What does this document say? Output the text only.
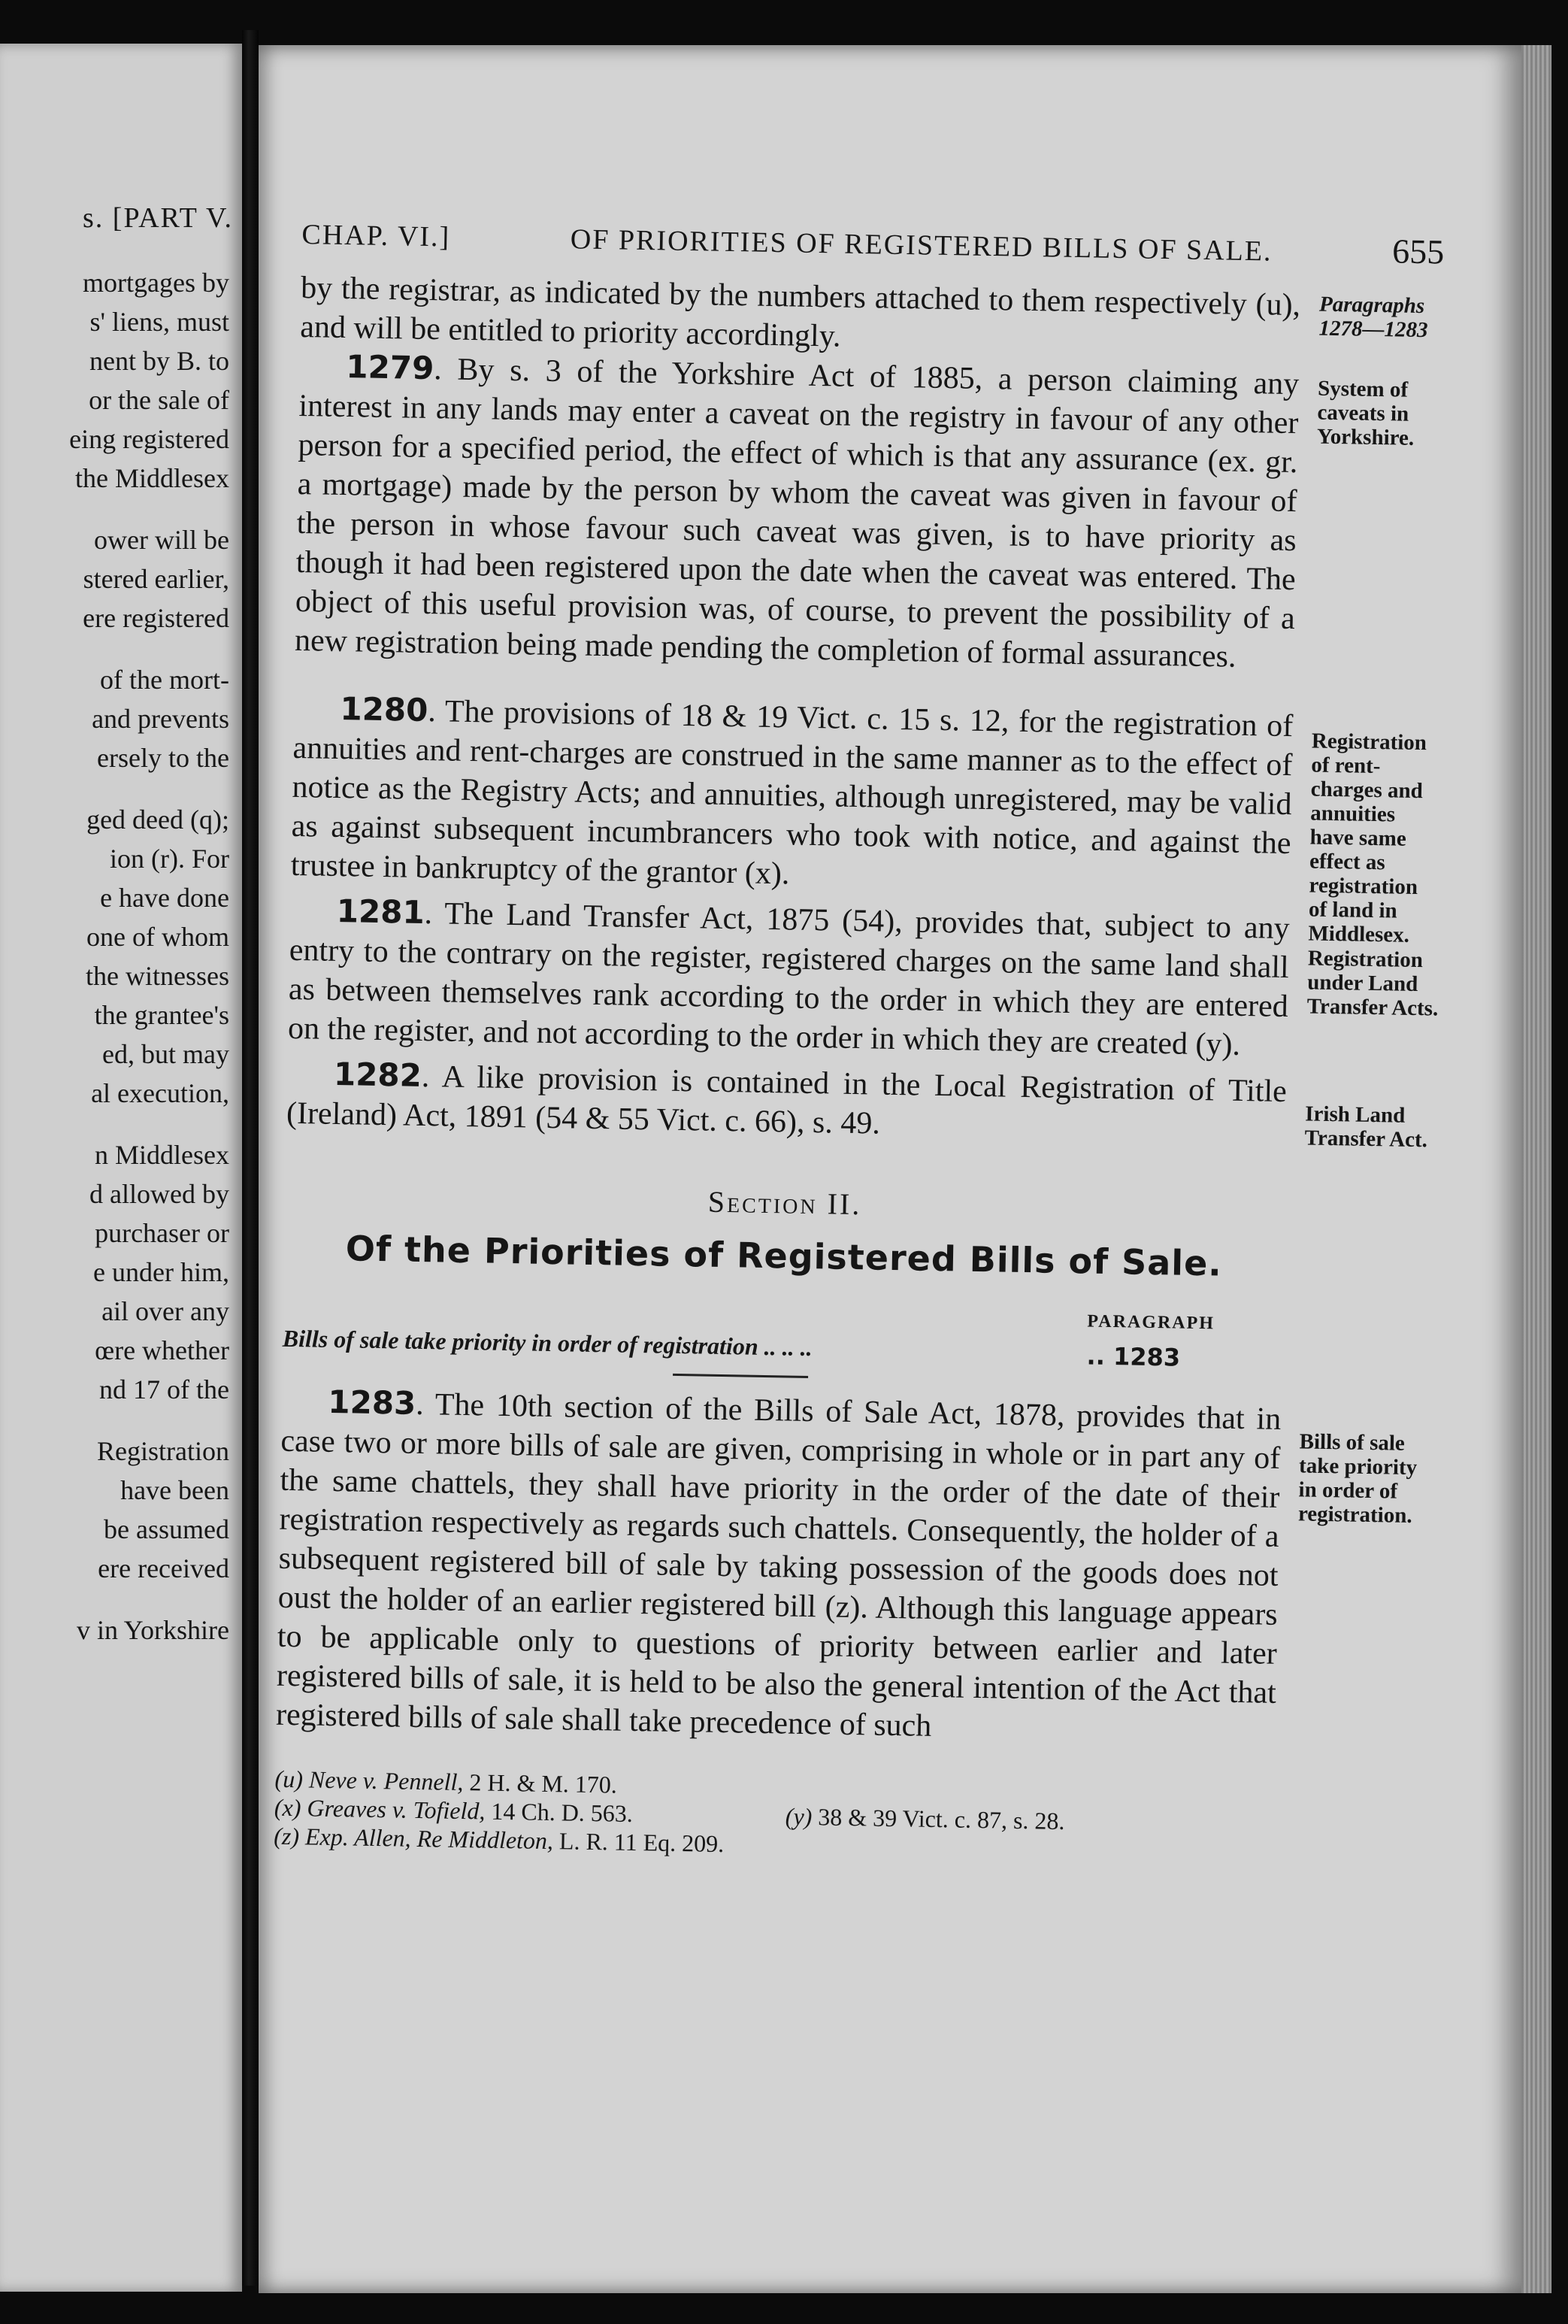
s. [PART V.
mortgages by
s' liens, must
nent by B. to
or the sale of
eing registered
the Middlesex
ower will be
stered earlier,
ere registered
of the mort-
and prevents
ersely to the
ged deed (q);
ion (r). For
e have done
one of whom
the witnesses
the grantee's
ed, but may
al execution,
n Middlesex
d allowed by
purchaser or
e under him,
ail over any
œre whether
nd 17 of the
Registration
have been
be assumed
ere received
v in Yorkshire
CHAP. VI.]	OF PRIORITIES OF REGISTERED BILLS OF SALE.	655

by the registrar, as indicated by the numbers attached to them respectively (u), and will be entitled to priority accordingly.

Paragraphs
1278—1283

1279. By s. 3 of the Yorkshire Act of 1885, a person claiming any interest in any lands may enter a caveat on the registry in favour of any other person for a specified period, the effect of which is that any assurance (ex. gr. a mortgage) made by the person by whom the caveat was given in favour of the person in whose favour such caveat was given, is to have priority as though it had been registered upon the date when the caveat was entered. The object of this useful provision was, of course, to prevent the possibility of a new registration being made pending the completion of formal assurances.

System of
caveats in
Yorkshire.

1280. The provisions of 18 & 19 Vict. c. 15 s. 12, for the registration of annuities and rent-charges are construed in the same manner as to the effect of notice as the Registry Acts; and annuities, although unregistered, may be valid as against subsequent incumbrancers who took with notice, and against the trustee in bankruptcy of the grantor (x).

Registration
of rent-
charges and
annuities
have same
effect as
registration
of land in
Middlesex.

1281. The Land Transfer Act, 1875 (54), provides that, subject to any entry to the contrary on the register, registered charges on the same land shall as between themselves rank according to the order in which they are entered on the register, and not according to the order in which they are created (y).

Registration
under Land
Transfer Acts.

1282. A like provision is contained in the Local Registration of Title (Ireland) Act, 1891 (54 & 55 Vict. c. 66), s. 49.	Irish Land
Transfer Act.
Section II.
Of the Priorities of Registered Bills of Sale.
PARAGRAPH
Bills of sale take priority in order of registration .. .. ..	.. 1283

1283. The 10th section of the Bills of Sale Act, 1878, provides that in case two or more bills of sale are given, comprising in whole or in part any of the same chattels, they shall have priority in the order of the date of their registration respectively as regards such chattels. Consequently, the holder of a subsequent registered bill of sale by taking possession of the goods does not oust the holder of an earlier registered bill (z). Although this language appears to be applicable only to questions of priority between earlier and later registered bills of sale, it is held to be also the general intention of the Act that registered bills of sale shall take precedence of such

Bills of sale
take priority
in order of
registration.
(u) Neve v. Pennell, 2 H. & M. 170.
(x) Greaves v. Tofield, 14 Ch. D. 563.	(y) 38 & 39 Vict. c. 87, s. 28.
(z) Exp. Allen, Re Middleton, L. R. 11 Eq. 209.
